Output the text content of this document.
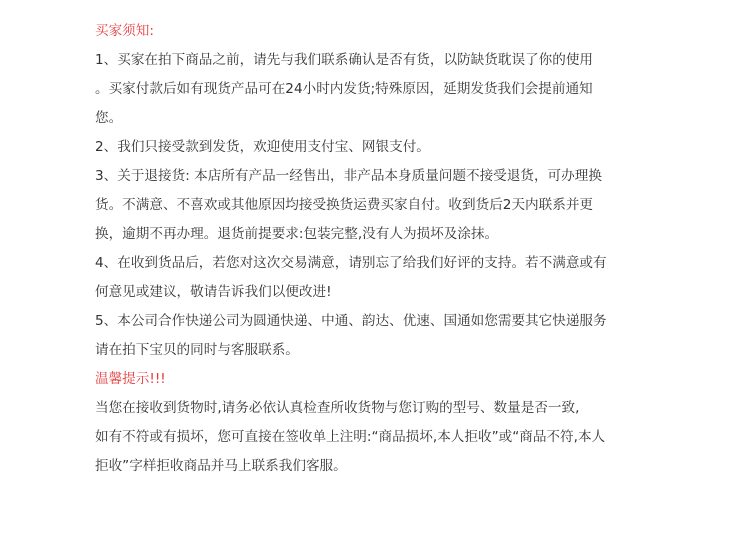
买家须知:
1、买家在拍下商品之前，请先与我们联系确认是否有货，以防缺货耽误了你的使用
。买家付款后如有现货产品可在24小时内发货;特殊原因，延期发货我们会提前通知
您。
2、我们只接受款到发货，欢迎使用支付宝、网银支付。
3、关于退接货: 本店所有产品一经售出，非产品本身质量问题不接受退货，可办理换
货。不满意、不喜欢或其他原因均接受换货运费买家自付。收到货后2天内联系并更
换，逾期不再办理。退货前提要求:包装完整,没有人为损坏及涂抹。
4、在收到货品后，若您对这次交易满意，请别忘了给我们好评的支持。若不满意或有
何意见或建议，敬请告诉我们以便改进!
5、本公司合作快递公司为圆通快递、中通、韵达、优速、国通如您需要其它快递服务
请在拍下宝贝的同时与客服联系。
温馨提示!!!
当您在接收到货物时,请务必依认真检查所收货物与您订购的型号、数量是否一致,
如有不符或有损坏，您可直接在签收单上注明:“商品损坏,本人拒收”或“商品不符,本人
拒收”字样拒收商品并马上联系我们客服。
